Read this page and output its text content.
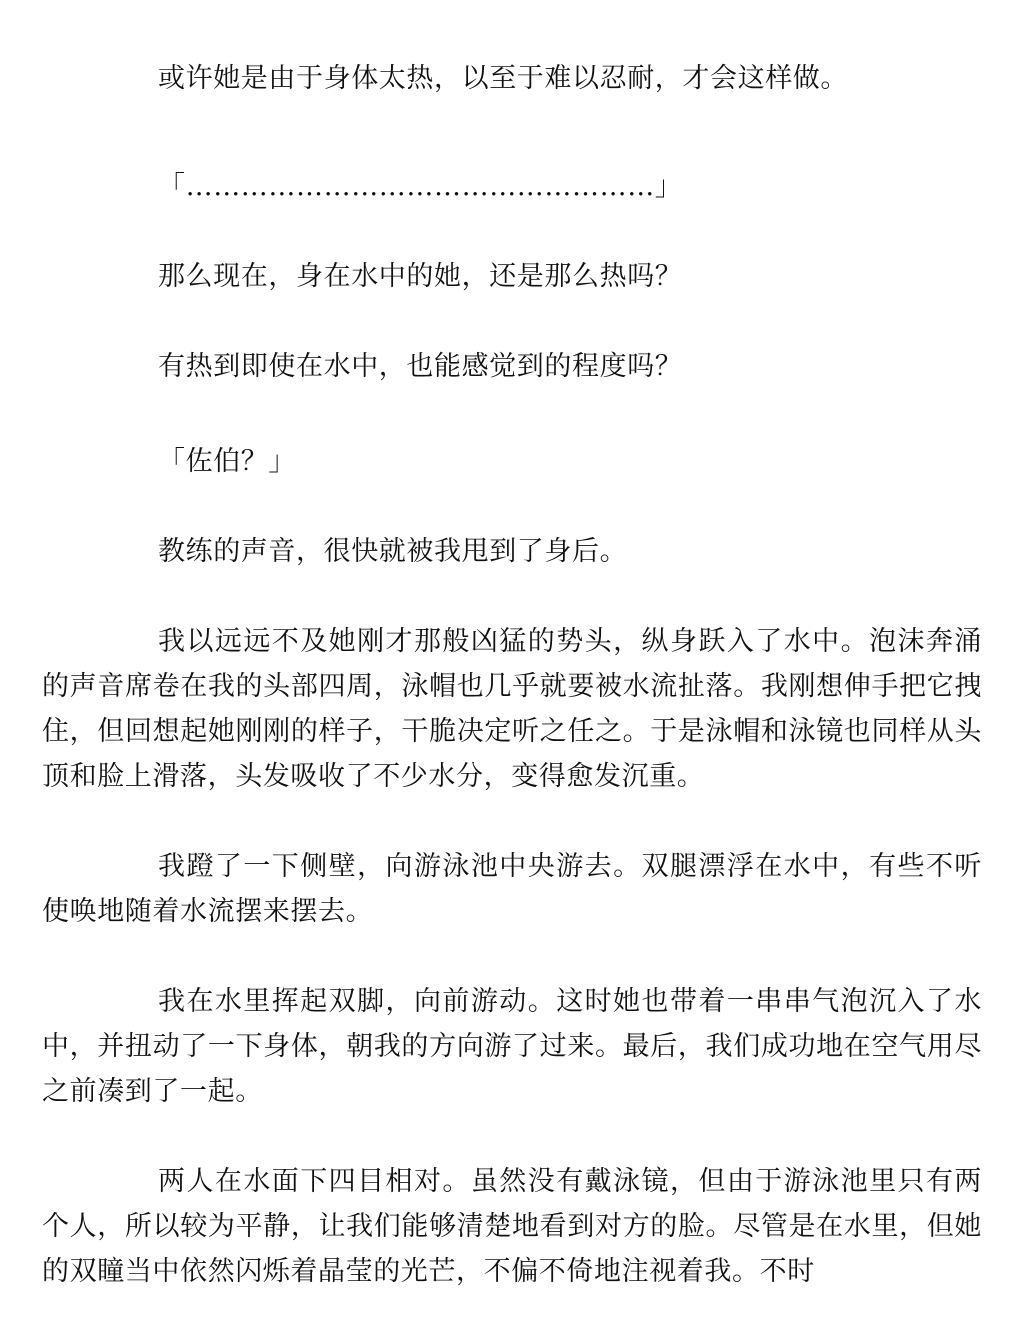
或许她是由于身体太热，以至于难以忍耐，才会这样做。

「……………………………………………」

那么现在，身在水中的她，还是那么热吗？

有热到即使在水中，也能感觉到的程度吗？

「佐伯？」

教练的声音，很快就被我甩到了身后。

我以远远不及她刚才那般凶猛的势头，纵身跃入了水中。泡沫奔涌的声音席卷在我的头部四周，泳帽也几乎就要被水流扯落。我刚想伸手把它拽住，但回想起她刚刚的样子，干脆决定听之任之。于是泳帽和泳镜也同样从头顶和脸上滑落，头发吸收了不少水分，变得愈发沉重。

我蹬了一下侧壁，向游泳池中央游去。双腿漂浮在水中，有些不听使唤地随着水流摆来摆去。

我在水里挥起双脚，向前游动。这时她也带着一串串气泡沉入了水中，并扭动了一下身体，朝我的方向游了过来。最后，我们成功地在空气用尽之前凑到了一起。

两人在水面下四目相对。虽然没有戴泳镜，但由于游泳池里只有两个人，所以较为平静，让我们能够清楚地看到对方的脸。尽管是在水里，但她的双瞳当中依然闪烁着晶莹的光芒，不偏不倚地注视着我。不时
